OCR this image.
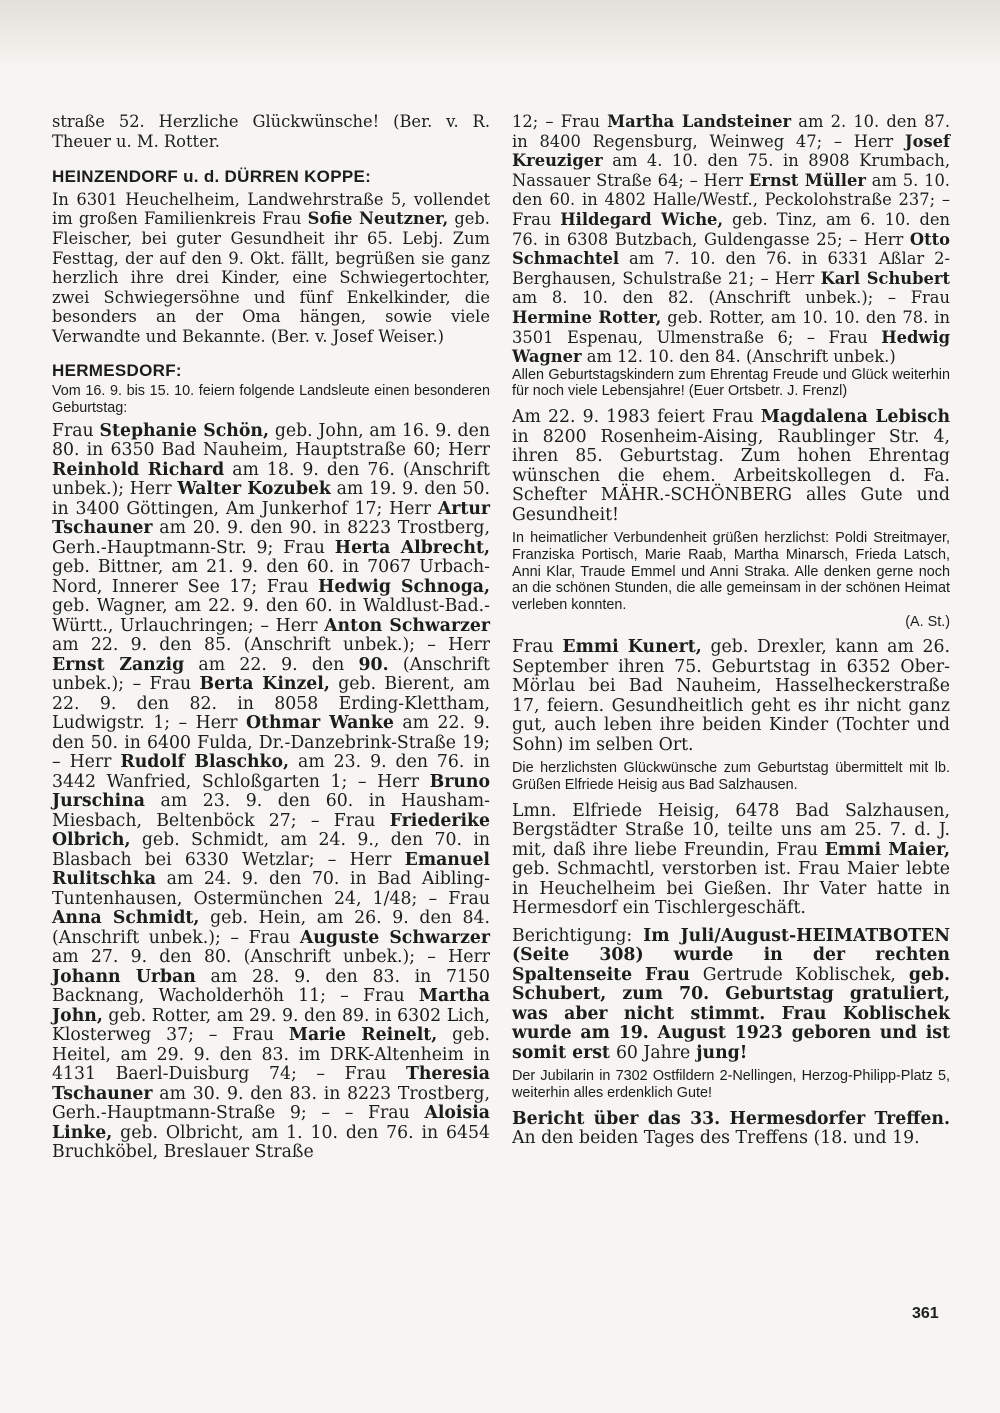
straße 52. Herzliche Glückwünsche! (Ber. v. R. Theuer u. M. Rotter.

HEINZENDORF u. d. DÜRREN KOPPE:

In 6301 Heuchelheim, Landwehrstraße 5, vollendet im großen Familienkreis Frau Sofie Neutzner, geb. Fleischer, bei guter Gesundheit ihr 65. Lebj. Zum Festtag, der auf den 9. Okt. fällt, begrüßen sie ganz herzlich ihre drei Kinder, eine Schwiegertochter, zwei Schwiegersöhne und fünf Enkelkinder, die besonders an der Oma hängen, sowie viele Verwandte und Bekannte. (Ber. v. Josef Weiser.)

HERMESDORF:

Vom 16. 9. bis 15. 10. feiern folgende Landsleute einen besonderen Geburtstag:

Frau Stephanie Schön, geb. John, am 16. 9. den 80. in 6350 Bad Nauheim, Hauptstraße 60; Herr Reinhold Richard am 18. 9. den 76. (Anschrift unbek.); Herr Walter Kozubek am 19. 9. den 50. in 3400 Göttingen, Am Junkerhof 17; Herr Artur Tschauner am 20. 9. den 90. in 8223 Trostberg, Gerh.-Hauptmann-Str. 9; Frau Herta Albrecht, geb. Bittner, am 21. 9. den 60. in 7067 Urbach-Nord, Innerer See 17; Frau Hedwig Schnoga, geb. Wagner, am 22. 9. den 60. in Waldlust-Bad.-Württ., Urlauchringen; – Herr Anton Schwarzer am 22. 9. den 85. (Anschrift unbek.); – Herr Ernst Zanzig am 22. 9. den 90. (Anschrift unbek.); – Frau Berta Kinzel, geb. Bierent, am 22. 9. den 82. in 8058 Erding-Klettham, Ludwigstr. 1; – Herr Othmar Wanke am 22. 9. den 50. in 6400 Fulda, Dr.-Danzebrink-Straße 19; – Herr Rudolf Blaschko, am 23. 9. den 76. in 3442 Wanfried, Schloßgarten 1; – Herr Bruno Jurschina am 23. 9. den 60. in Hausham-Miesbach, Beltenböck 27; – Frau Friederike Olbrich, geb. Schmidt, am 24. 9., den 70. in Blasbach bei 6330 Wetzlar; – Herr Emanuel Rulitschka am 24. 9. den 70. in Bad Aibling-Tuntenhausen, Ostermünchen 24, 1/48; – Frau Anna Schmidt, geb. Hein, am 26. 9. den 84. (Anschrift unbek.); – Frau Auguste Schwarzer am 27. 9. den 80. (Anschrift unbek.); – Herr Johann Urban am 28. 9. den 83. in 7150 Backnang, Wacholderhöh 11; – Frau Martha John, geb. Rotter, am 29. 9. den 89. in 6302 Lich, Klosterweg 37; – Frau Marie Reinelt, geb. Heitel, am 29. 9. den 83. im DRK-Altenheim in 4131 Baerl-Duisburg 74; – Frau Theresia Tschauner am 30. 9. den 83. in 8223 Trostberg, Gerh.-Hauptmann-Straße 9; – – Frau Aloisia Linke, geb. Olbricht, am 1. 10. den 76. in 6454 Bruchköbel, Breslauer Straße

12; – Frau Martha Landsteiner am 2. 10. den 87. in 8400 Regensburg, Weinweg 47; – Herr Josef Kreuziger am 4. 10. den 75. in 8908 Krumbach, Nassauer Straße 64; – Herr Ernst Müller am 5. 10. den 60. in 4802 Halle/Westf., Peckolohstraße 237; – Frau Hildegard Wiche, geb. Tinz, am 6. 10. den 76. in 6308 Butzbach, Guldengasse 25; – Herr Otto Schmachtel am 7. 10. den 76. in 6331 Aßlar 2-Berghausen, Schulstraße 21; – Herr Karl Schubert am 8. 10. den 82. (Anschrift unbek.); – Frau Hermine Rotter, geb. Rotter, am 10. 10. den 78. in 3501 Espenau, Ulmenstraße 6; – Frau Hedwig Wagner am 12. 10. den 84. (Anschrift unbek.)

Allen Geburtstagskindern zum Ehrentag Freude und Glück weiterhin für noch viele Lebensjahre! (Euer Ortsbetr. J. Frenzl)

Am 22. 9. 1983 feiert Frau Magdalena Lebisch in 8200 Rosenheim-Aising, Raublinger Str. 4, ihren 85. Geburtstag. Zum hohen Ehrentag wünschen die ehem. Arbeitskollegen d. Fa. Schefter MÄHR.-SCHÖNBERG alles Gute und Gesundheit!

In heimatlicher Verbundenheit grüßen herzlichst: Poldi Streitmayer, Franziska Portisch, Marie Raab, Martha Minarsch, Frieda Latsch, Anni Klar, Traude Emmel und Anni Straka. Alle denken gerne noch an die schönen Stunden, die alle gemeinsam in der schönen Heimat verleben konnten.
(A. St.)

Frau Emmi Kunert, geb. Drexler, kann am 26. September ihren 75. Geburtstag in 6352 Ober-Mörlau bei Bad Nauheim, Hasselheckerstraße 17, feiern. Gesundheitlich geht es ihr nicht ganz gut, auch leben ihre beiden Kinder (Tochter und Sohn) im selben Ort.

Die herzlichsten Glückwünsche zum Geburtstag übermittelt mit lb. Grüßen Elfriede Heisig aus Bad Salzhausen.

Lmn. Elfriede Heisig, 6478 Bad Salzhausen, Bergstädter Straße 10, teilte uns am 25. 7. d. J. mit, daß ihre liebe Freundin, Frau Emmi Maier, geb. Schmachtl, verstorben ist. Frau Maier lebte in Heuchelheim bei Gießen. Ihr Vater hatte in Hermesdorf ein Tischlergeschäft.

Berichtigung: Im Juli/August-HEIMATBOTEN (Seite 308) wurde in der rechten Spaltenseite Frau Gertrude Koblischek, geb. Schubert, zum 70. Geburtstag gratuliert, was aber nicht stimmt. Frau Koblischek wurde am 19. August 1923 geboren und ist somit erst 60 Jahre jung!

Der Jubilarin in 7302 Ostfildern 2-Nellingen, Herzog-Philipp-Platz 5, weiterhin alles erdenklich Gute!

Bericht über das 33. Hermesdorfer Treffen. An den beiden Tages des Treffens (18. und 19.

361
